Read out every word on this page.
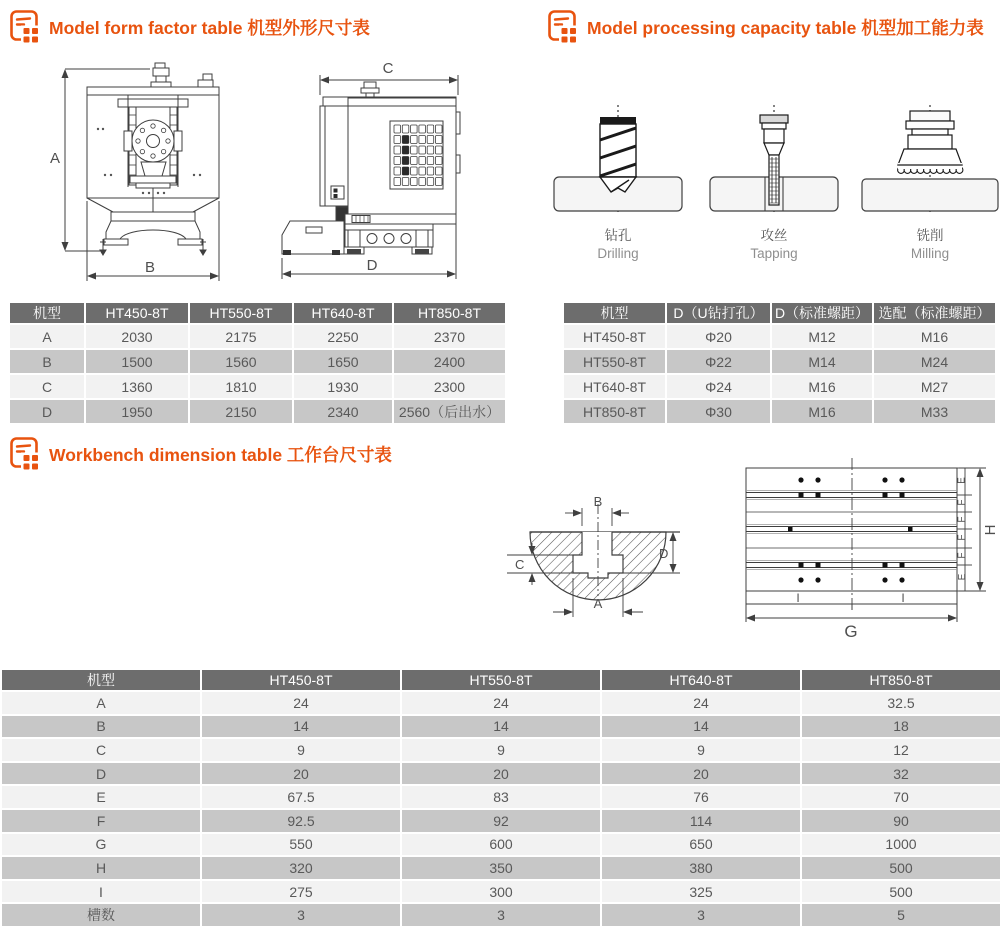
Model form factor table 机型外形尺寸表	Model processing capacity table 机型加工能力表
A
B
C
D
钻孔
Drilling
攻丝
Tapping
铣削
Milling
机型	HT450-8T	HT550-8T	HT640-8T	HT850-8T
A	2030	2175	2250	2370
B	1500	1560	1650	2400
C	1360	1810	1930	2300
D	1950	2150	2340	2560（后出水）
机型	D（U钻打孔）	D（标准螺距）	选配（标准螺距）
HT450-8T	Φ20	M12	M16
HT550-8T	Φ22	M14	M24
HT640-8T	Φ24	M16	M27
HT850-8T	Φ30	M16	M33
Workbench dimension table 工作台尺寸表
B
A
C
D
I	I
G
H
E
F
F
F
F
E
机型	HT450-8T	HT550-8T	HT640-8T	HT850-8T
A	24	24	24	32.5
B	14	14	14	18
C	9	9	9	12
D	20	20	20	32
E	67.5	83	76	70
F	92.5	92	114	90
G	550	600	650	1000
H	320	350	380	500
I	275	300	325	500
槽数	3	3	3	5
